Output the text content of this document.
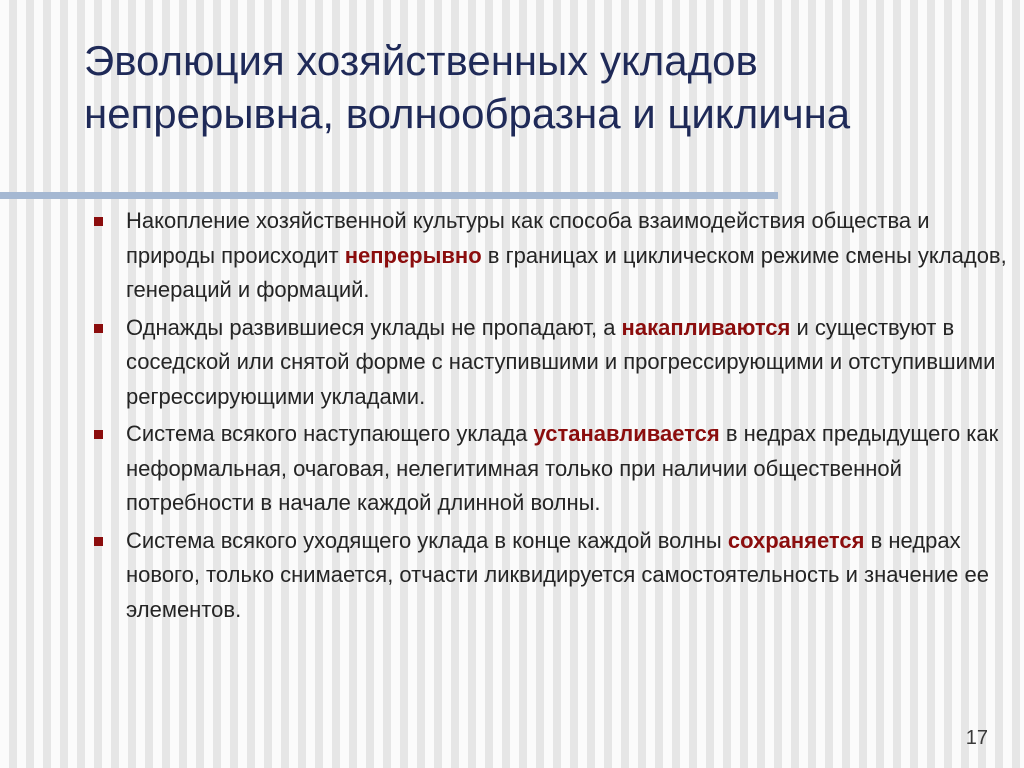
Эволюция хозяйственных укладов
непрерывна, волнообразна и циклична
Накопление хозяйственной культуры как способа взаимодействия общества и природы происходит непрерывно в границах и циклическом режиме смены укладов, генераций и формаций.
Однажды развившиеся уклады не пропадают, а накапливаются и существуют в соседской или снятой форме с наступившими и прогрессирующими и отступившими регрессирующими укладами.
Система всякого наступающего уклада устанавливается в недрах предыдущего как неформальная, очаговая, нелегитимная только при наличии общественной потребности в начале каждой длинной волны.
Система всякого уходящего уклада в конце каждой волны сохраняется в недрах нового, только снимается, отчасти ликвидируется самостоятельность и значение ее элементов.
17
